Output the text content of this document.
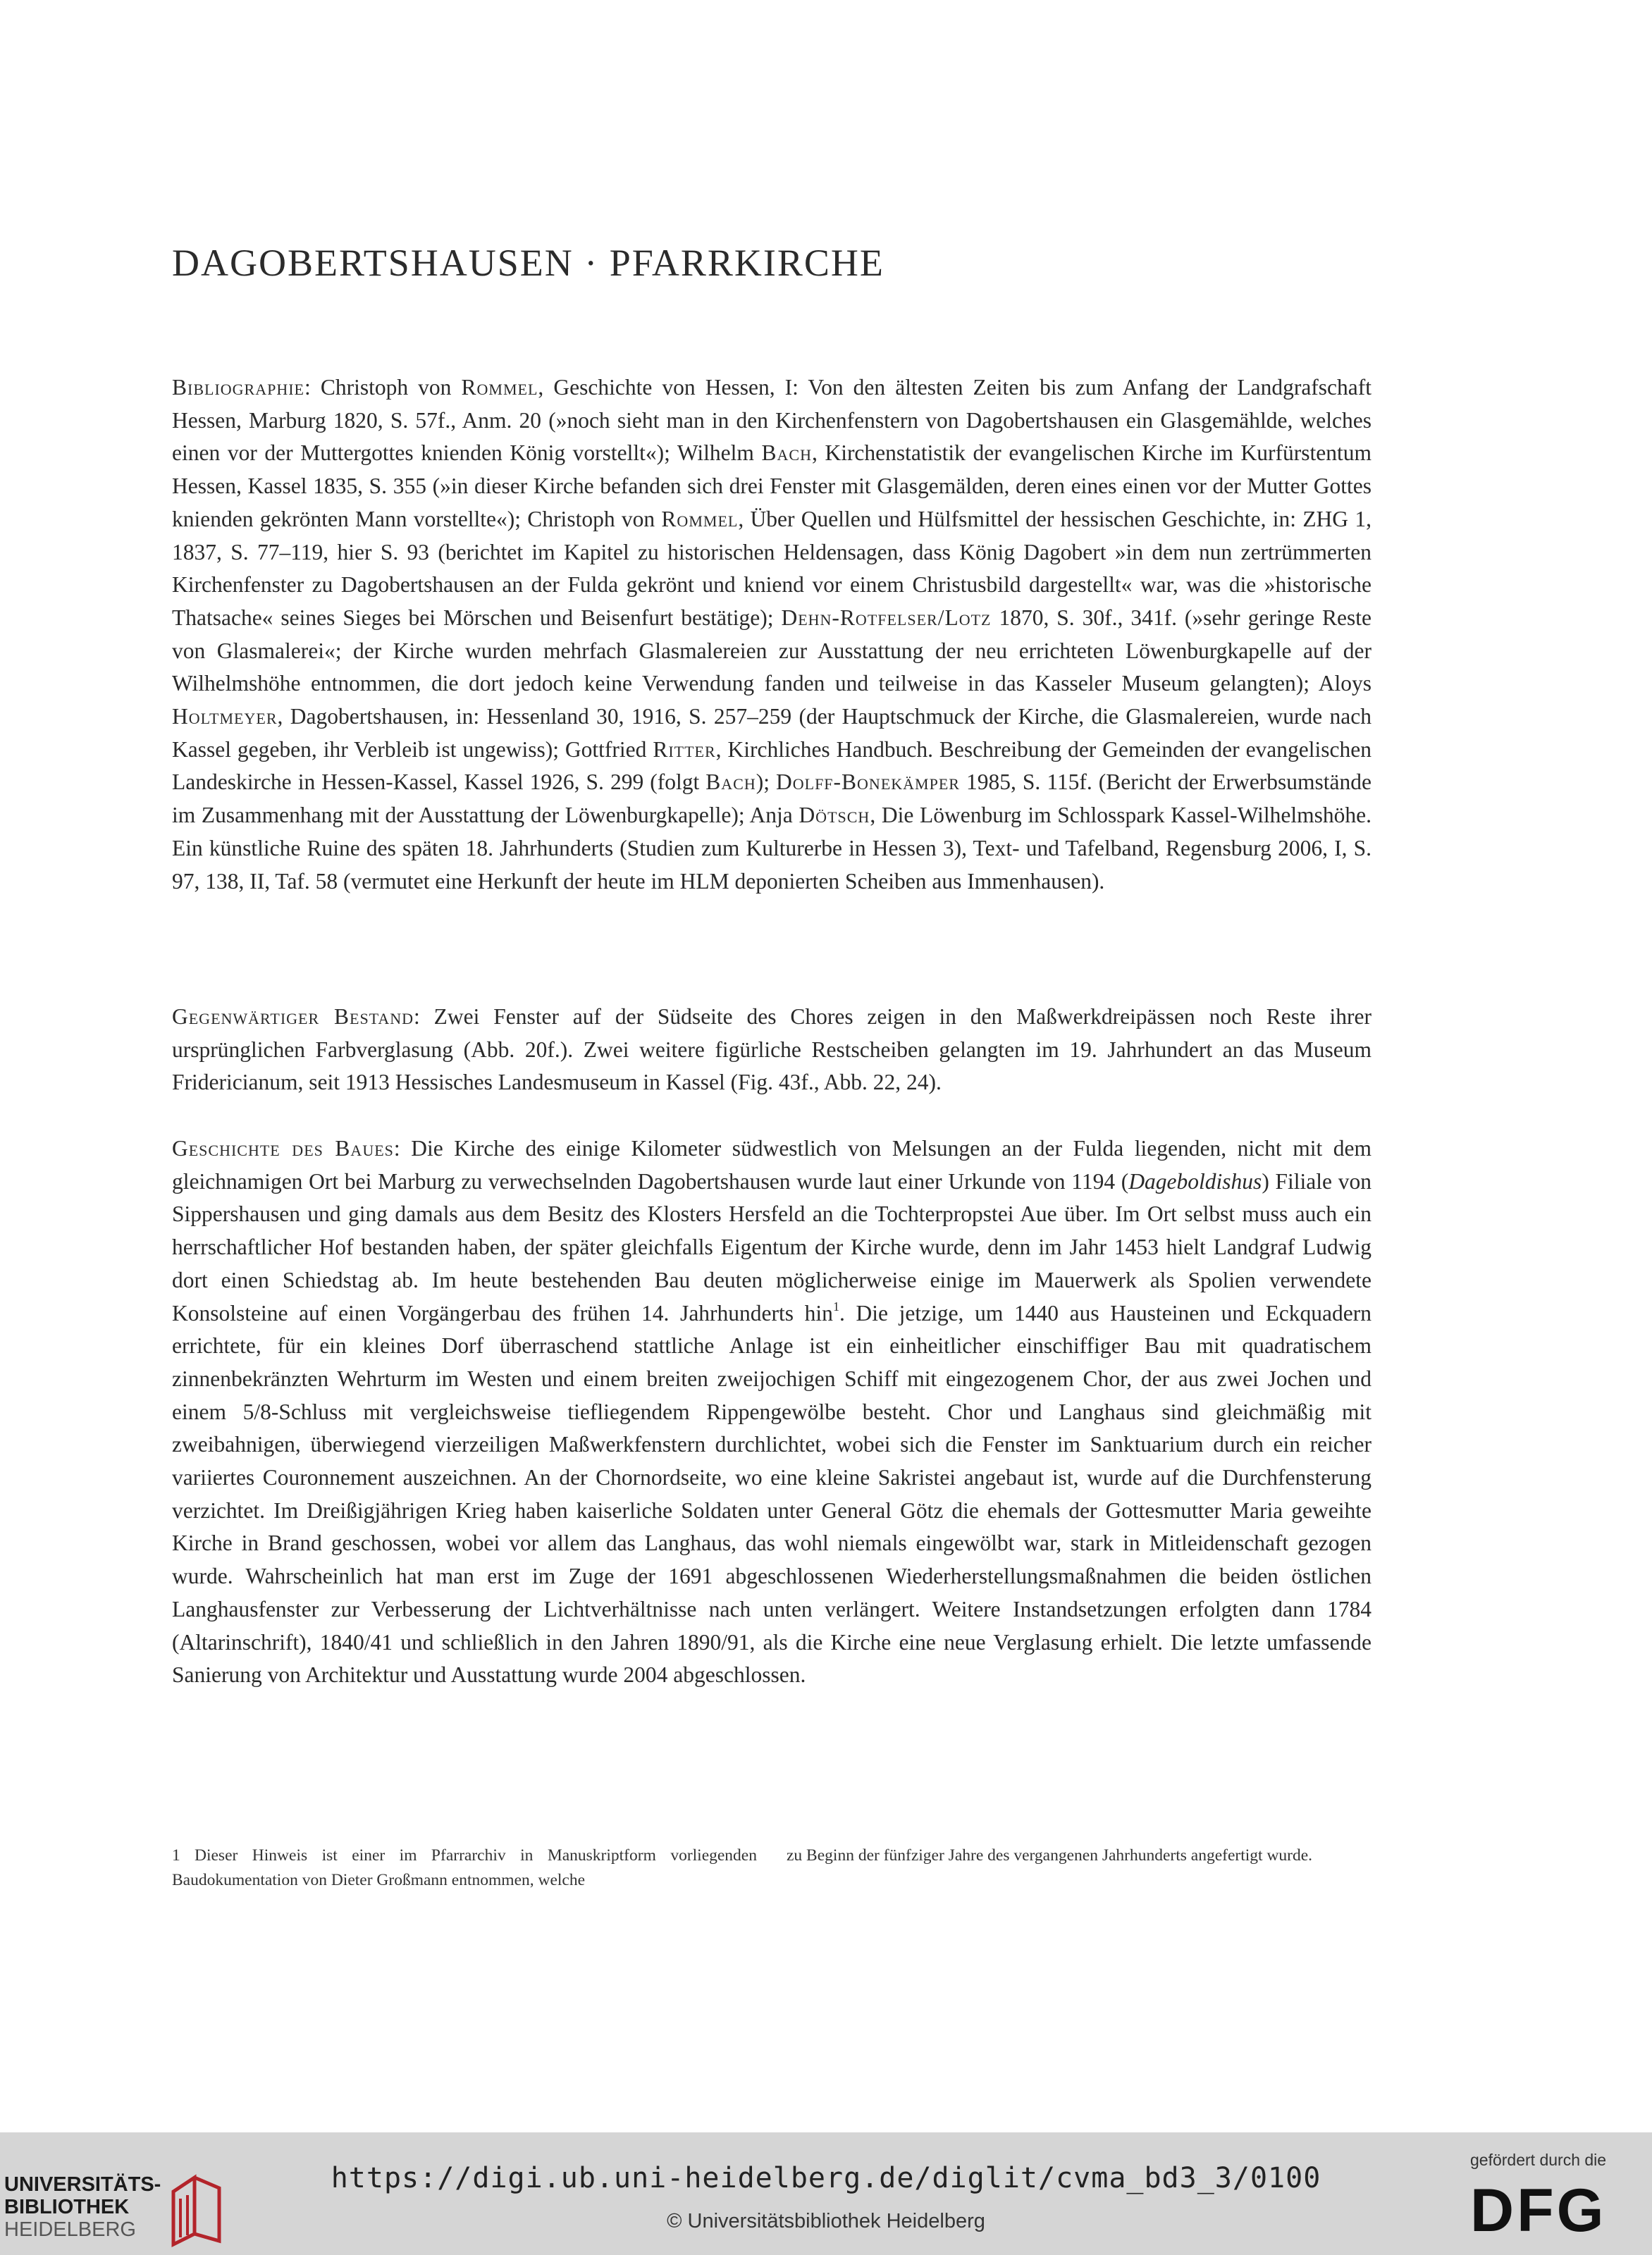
DAGOBERTSHAUSEN · PFARRKIRCHE

Bibliographie: Christoph von Rommel, Geschichte von Hessen, I: Von den ältesten Zeiten bis zum Anfang der Landgrafschaft Hessen, Marburg 1820, S. 57f., Anm. 20 (»noch sieht man in den Kirchenfenstern von Dagobertshausen ein Glasgemählde, welches einen vor der Muttergottes knienden König vorstellt«); Wilhelm Bach, Kirchenstatistik der evangelischen Kirche im Kurfürstentum Hessen, Kassel 1835, S. 355 (»in dieser Kirche befanden sich drei Fenster mit Glasgemälden, deren eines einen vor der Mutter Gottes knienden gekrönten Mann vorstellte«); Christoph von Rommel, Über Quellen und Hülfsmittel der hessischen Geschichte, in: ZHG 1, 1837, S. 77–119, hier S. 93 (berichtet im Kapitel zu historischen Heldensagen, dass König Dagobert »in dem nun zertrümmerten Kirchenfenster zu Dagobertshausen an der Fulda gekrönt und kniend vor einem Christusbild dargestellt« war, was die »historische Thatsache« seines Sieges bei Mörschen und Beisenfurt bestätige); Dehn-Rotfelser/Lotz 1870, S. 30f., 341f. (»sehr geringe Reste von Glasmalerei«; der Kirche wurden mehrfach Glasmalereien zur Ausstattung der neu errichteten Löwenburgkapelle auf der Wilhelmshöhe entnommen, die dort jedoch keine Verwendung fanden und teilweise in das Kasseler Museum gelangten); Aloys Holtmeyer, Dagobertshausen, in: Hessenland 30, 1916, S. 257–259 (der Hauptschmuck der Kirche, die Glasmalereien, wurde nach Kassel gegeben, ihr Verbleib ist ungewiss); Gottfried Ritter, Kirchliches Handbuch. Beschreibung der Gemeinden der evangelischen Landeskirche in Hessen-Kassel, Kassel 1926, S. 299 (folgt Bach); Dolff-Bonekämper 1985, S. 115f. (Bericht der Erwerbsumstände im Zusammenhang mit der Ausstattung der Löwenburgkapelle); Anja Dötsch, Die Löwenburg im Schlosspark Kassel-Wilhelmshöhe. Ein künstliche Ruine des späten 18. Jahrhunderts (Studien zum Kulturerbe in Hessen 3), Text- und Tafelband, Regensburg 2006, I, S. 97, 138, II, Taf. 58 (vermutet eine Herkunft der heute im HLM deponierten Scheiben aus Immenhausen).

Gegenwärtiger Bestand: Zwei Fenster auf der Südseite des Chores zeigen in den Maßwerkdreipässen noch Reste ihrer ursprünglichen Farbverglasung (Abb. 20f.). Zwei weitere figürliche Restscheiben gelangten im 19. Jahrhundert an das Museum Fridericianum, seit 1913 Hessisches Landesmuseum in Kassel (Fig. 43f., Abb. 22, 24).

Geschichte des Baues: Die Kirche des einige Kilometer südwestlich von Melsungen an der Fulda liegenden, nicht mit dem gleichnamigen Ort bei Marburg zu verwechselnden Dagobertshausen wurde laut einer Urkunde von 1194 (Dageboldishus) Filiale von Sippershausen und ging damals aus dem Besitz des Klosters Hersfeld an die Tochterpropstei Aue über. Im Ort selbst muss auch ein herrschaftlicher Hof bestanden haben, der später gleichfalls Eigentum der Kirche wurde, denn im Jahr 1453 hielt Landgraf Ludwig dort einen Schiedstag ab. Im heute bestehenden Bau deuten möglicherweise einige im Mauerwerk als Spolien verwendete Konsolsteine auf einen Vorgängerbau des frühen 14. Jahrhunderts hin$^1$. Die jetzige, um 1440 aus Hausteinen und Eckquadern errichtete, für ein kleines Dorf überraschend stattliche Anlage ist ein einheitlicher einschiffiger Bau mit quadratischem zinnenbekränzten Wehrturm im Westen und einem breiten zweijochigen Schiff mit eingezogenem Chor, der aus zwei Jochen und einem 5/8-Schluss mit vergleichsweise tiefliegendem Rippengewölbe besteht. Chor und Langhaus sind gleichmäßig mit zweibahnigen, überwiegend vierzeiligen Maßwerkfenstern durchlichtet, wobei sich die Fenster im Sanktuarium durch ein reicher variiertes Couronnement auszeichnen. An der Chornordseite, wo eine kleine Sakristei angebaut ist, wurde auf die Durchfensterung verzichtet. Im Dreißigjährigen Krieg haben kaiserliche Soldaten unter General Götz die ehemals der Gottesmutter Maria geweihte Kirche in Brand geschossen, wobei vor allem das Langhaus, das wohl niemals eingewölbt war, stark in Mitleidenschaft gezogen wurde. Wahrscheinlich hat man erst im Zuge der 1691 abgeschlossenen Wiederherstellungsmaßnahmen die beiden östlichen Langhausfenster zur Verbesserung der Lichtverhältnisse nach unten verlängert. Weitere Instandsetzungen erfolgten dann 1784 (Altarinschrift), 1840/41 und schließlich in den Jahren 1890/91, als die Kirche eine neue Verglasung erhielt. Die letzte umfassende Sanierung von Architektur und Ausstattung wurde 2004 abgeschlossen.

1 Dieser Hinweis ist einer im Pfarrarchiv in Manuskriptform vorliegenden Baudokumentation von Dieter Großmann entnommen, welche
zu Beginn der fünfziger Jahre des vergangenen Jahrhunderts angefertigt wurde.
UNIVERSITÄTS-
BIBLIOTHEK
HEIDELBERG
https://digi.ub.uni-heidelberg.de/diglit/cvma_bd3_3/0100
© Universitätsbibliothek Heidelberg
gefördert durch die
DFG
